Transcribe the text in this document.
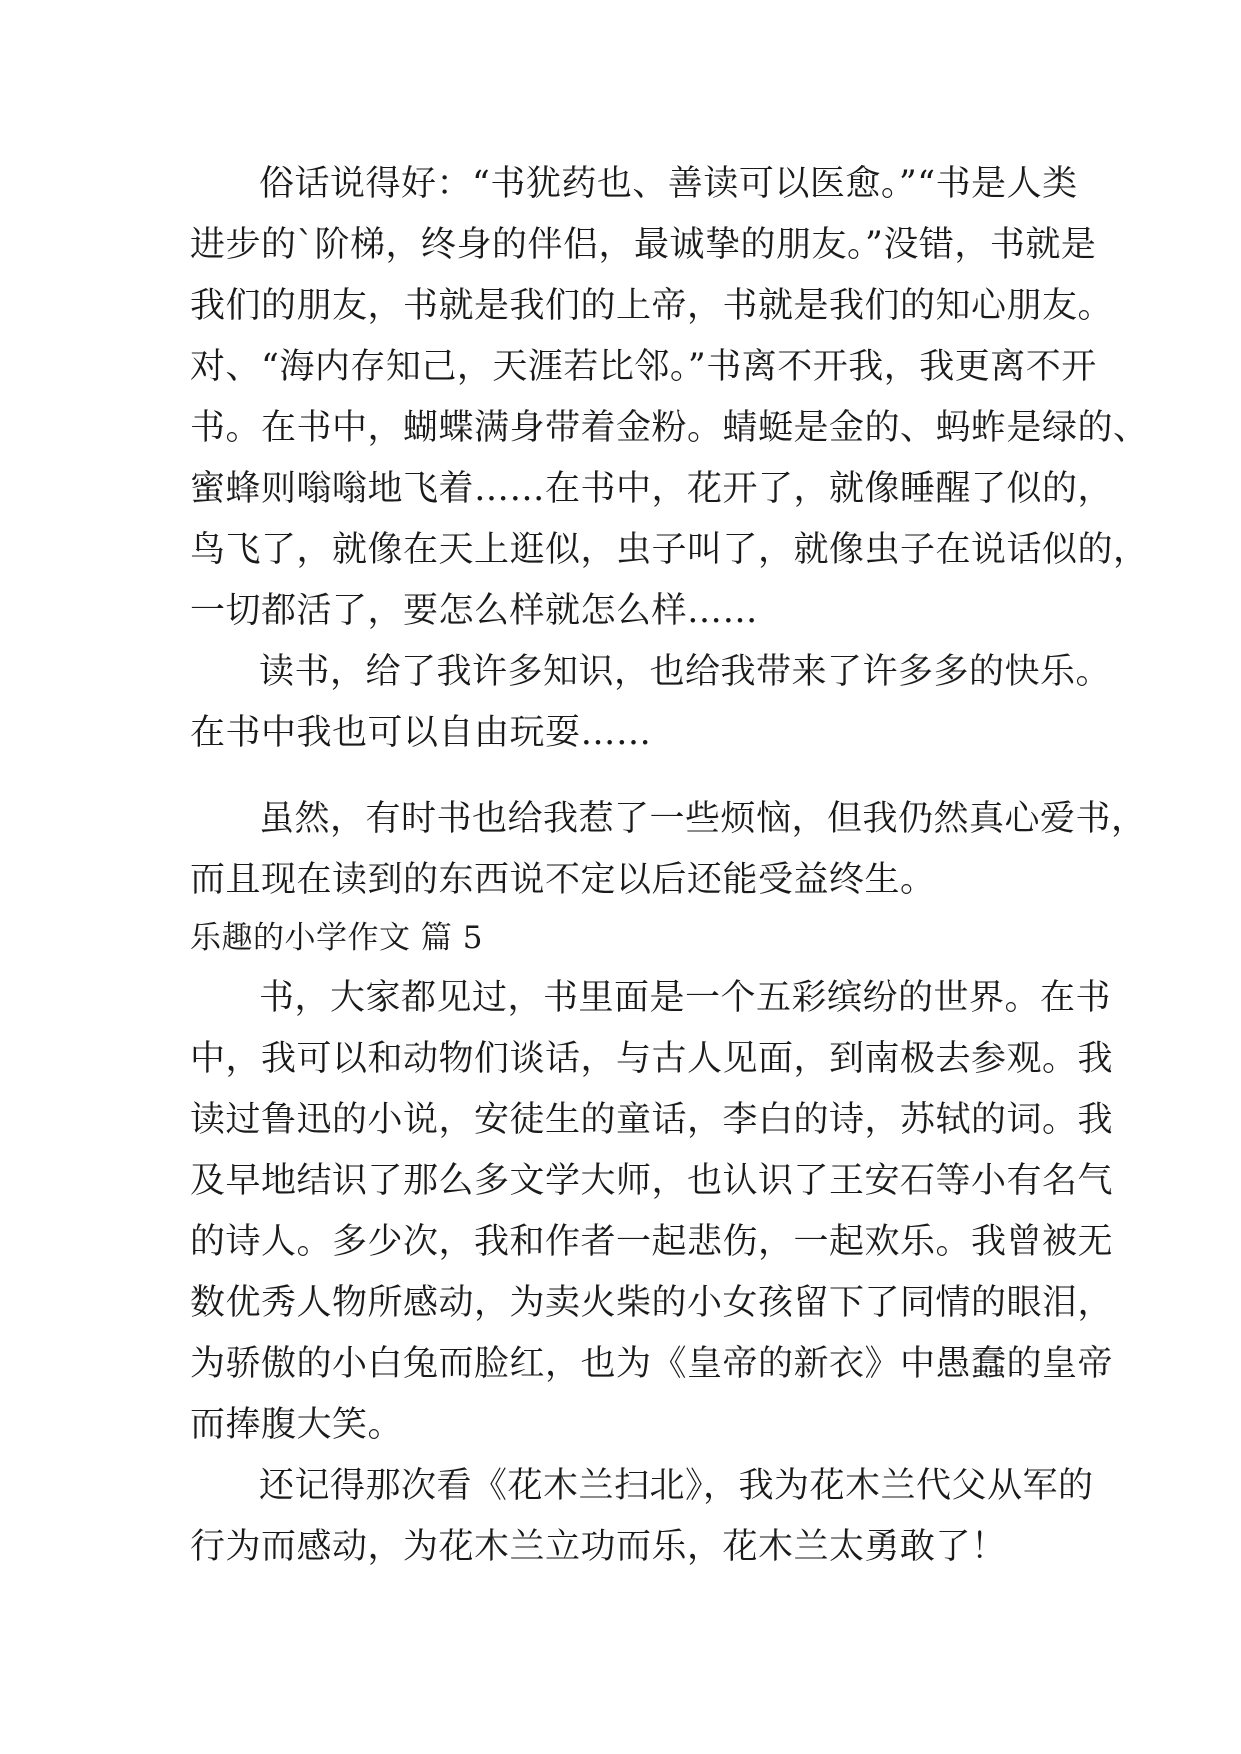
俗话说得好：“书犹药也、善读可以医愈。”“书是人类
进步的`阶梯，终身的伴侣，最诚挚的朋友。”没错，书就是
我们的朋友，书就是我们的上帝，书就是我们的知心朋友。
对、“海内存知己，天涯若比邻。”书离不开我，我更离不开
书。在书中，蝴蝶满身带着金粉。蜻蜓是金的、蚂蚱是绿的、
蜜蜂则嗡嗡地飞着……在书中，花开了，就像睡醒了似的，
鸟飞了，就像在天上逛似，虫子叫了，就像虫子在说话似的，
一切都活了，要怎么样就怎么样……
读书，给了我许多知识，也给我带来了许多多的快乐。
在书中我也可以自由玩耍……
虽然，有时书也给我惹了一些烦恼，但我仍然真心爱书，
而且现在读到的东西说不定以后还能受益终生。
乐趣的小学作文 篇 5
书，大家都见过，书里面是一个五彩缤纷的世界。在书
中，我可以和动物们谈话，与古人见面，到南极去参观。我
读过鲁迅的小说，安徒生的童话，李白的诗，苏轼的词。我
及早地结识了那么多文学大师，也认识了王安石等小有名气
的诗人。多少次，我和作者一起悲伤，一起欢乐。我曾被无
数优秀人物所感动，为卖火柴的小女孩留下了同情的眼泪，
为骄傲的小白兔而脸红，也为《皇帝的新衣》中愚蠢的皇帝
而捧腹大笑。
还记得那次看《花木兰扫北》，我为花木兰代父从军的
行为而感动，为花木兰立功而乐，花木兰太勇敢了！
